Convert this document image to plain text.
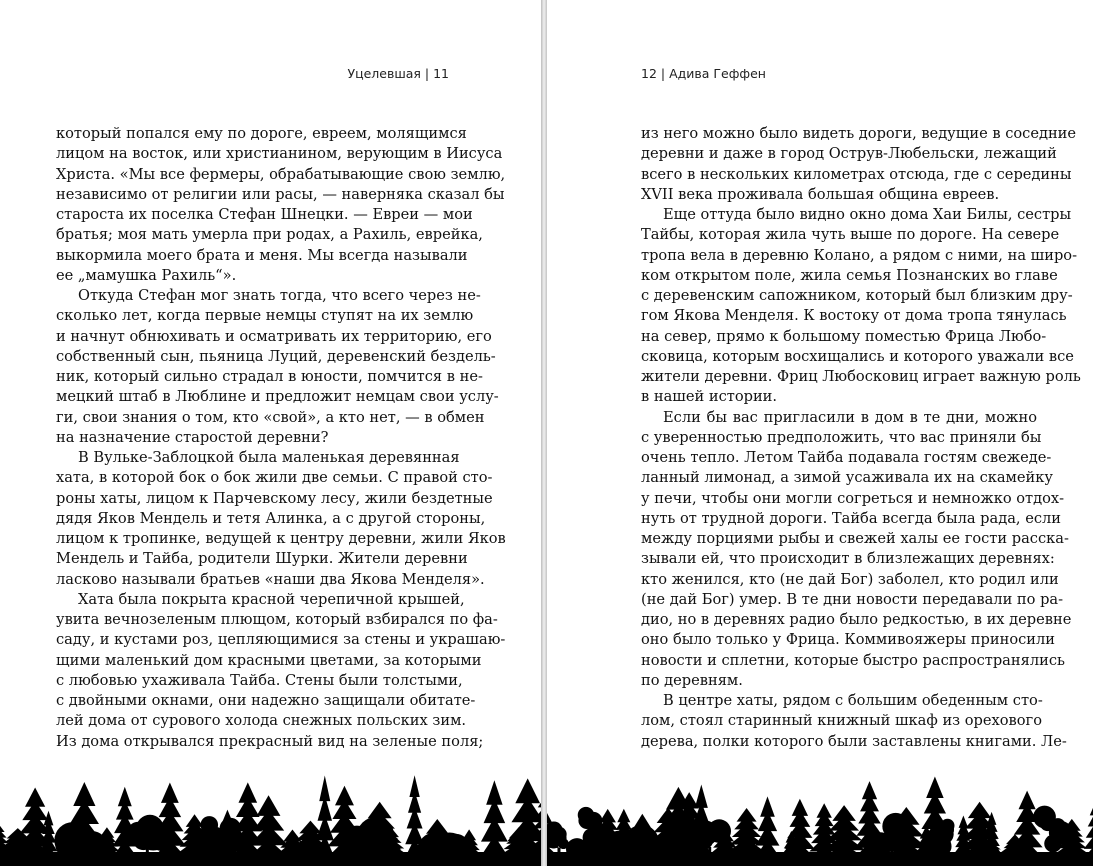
Уцелевшая | 11
который попался ему по дороге, евреем, молящимся
лицом на восток, или христианином, верующим в Иисуса
Христа. «Мы все фермеры, обрабатывающие свою землю,
независимо от религии или расы, — наверняка сказал бы
староста их поселка Стефан Шнецки. — Евреи — мои
братья; моя мать умерла при родах, а Рахиль, еврейка,
выкормила моего брата и меня. Мы всегда называли
ее „мамушка Рахиль“».
Откуда Стефан мог знать тогда, что всего через не-
сколько лет, когда первые немцы ступят на их землю
и начнут обнюхивать и осматривать их территорию, его
собственный сын, пьяница Луций, деревенский бездель-
ник, который сильно страдал в юности, помчится в не-
мецкий штаб в Люблине и предложит немцам свои услу-
ги, свои знания о том, кто «свой», а кто нет, — в обмен
на назначение старостой деревни?
В Вульке-Заблоцкой была маленькая деревянная
хата, в которой бок о бок жили две семьи. С правой сто-
роны хаты, лицом к Парчевскому лесу, жили бездетные
дядя Яков Мендель и тетя Алинка, а с другой стороны,
лицом к тропинке, ведущей к центру деревни, жили Яков
Мендель и Тайба, родители Шурки. Жители деревни
ласково называли братьев «наши два Якова Менделя».
Хата была покрыта красной черепичной крышей,
увита вечнозеленым плющом, который взбирался по фа-
саду, и кустами роз, цепляющимися за стены и украшаю-
щими маленький дом красными цветами, за которыми
с любовью ухаживала Тайба. Стены были толстыми,
с двойными окнами, они надежно защищали обитате-
лей дома от сурового холода снежных польских зим.
Из дома открывался прекрасный вид на зеленые поля;
12 | Адива Геффен
из него можно было видеть дороги, ведущие в соседние
деревни и даже в город Острув-Любельски, лежащий
всего в нескольких километрах отсюда, где с середины
XVII века проживала большая община евреев.
Еще оттуда было видно окно дома Хаи Билы, сестры
Тайбы, которая жила чуть выше по дороге. На севере
тропа вела в деревню Колано, а рядом с ними, на широ-
ком открытом поле, жила семья Познанских во главе
с деревенским сапожником, который был близким дру-
гом Якова Менделя. К востоку от дома тропа тянулась
на север, прямо к большому поместью Фрица Любо-
сковица, которым восхищались и которого уважали все
жители деревни. Фриц Любосковиц играет важную роль
в нашей истории.
Если бы вас пригласили в дом в те дни, можно
с уверенностью предположить, что вас приняли бы
очень тепло. Летом Тайба подавала гостям свежеде-
ланный лимонад, а зимой усаживала их на скамейку
у печи, чтобы они могли согреться и немножко отдох-
нуть от трудной дороги. Тайба всегда была рада, если
между порциями рыбы и свежей халы ее гости расска-
зывали ей, что происходит в близлежащих деревнях:
кто женился, кто (не дай Бог) заболел, кто родил или
(не дай Бог) умер. В те дни новости передавали по ра-
дио, но в деревнях радио было редкостью, в их деревне
оно было только у Фрица. Коммивояжеры приносили
новости и сплетни, которые быстро распространялись
по деревням.
В центре хаты, рядом с большим обеденным сто-
лом, стоял старинный книжный шкаф из орехового
дерева, полки которого были заставлены книгами. Ле-
